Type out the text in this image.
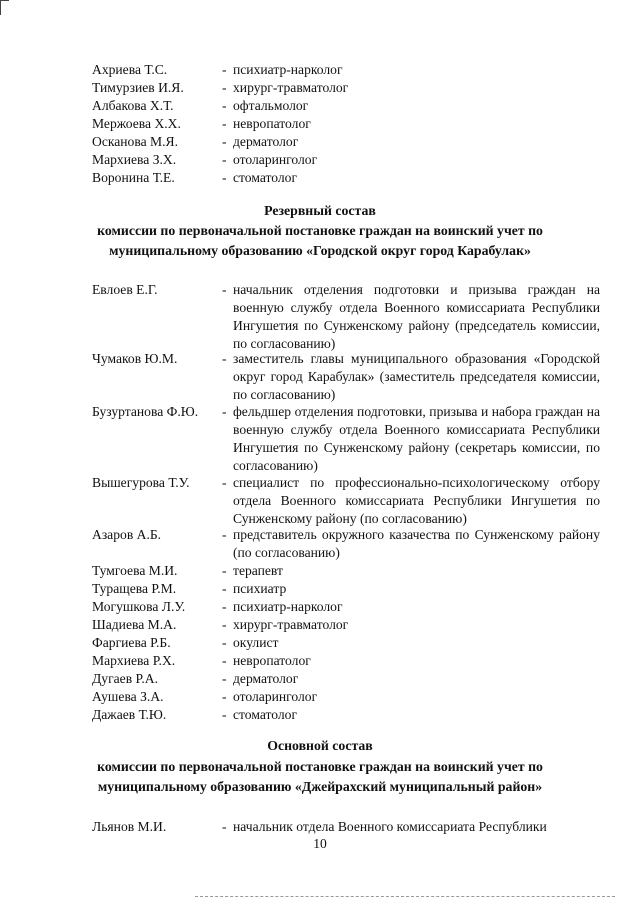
Ахриева Т.С.	- психиатр-нарколог
Тимурзиев И.Я.	- хирург-травматолог
Албакова Х.Т.	- офтальмолог
Мержоева Х.Х.	- невропатолог
Осканова М.Я.	- дерматолог
Мархиева З.Х.	- отоларинголог
Воронина Т.Е.	- стоматолог
Резервный состав
комиссии по первоначальной постановке граждан на воинский учет по
муниципальному образованию «Городской округ город Карабулак»
Евлоев Е.Г.	- начальник отделения подготовки и призыва граждан на военную службу отдела Военного комиссариата Республики Ингушетия по Сунженскому району (председатель комиссии, по согласованию)
Чумаков Ю.М.	- заместитель главы муниципального образования «Городской округ город Карабулак» (заместитель председателя комиссии, по согласованию)
Бузуртанова Ф.Ю. - фельдшер отделения подготовки, призыва и набора граждан на военную службу отдела Военного комиссариата Республики Ингушетия по Сунженскому району (секретарь комиссии, по согласованию)
Вышегурова Т.У. - специалист по профессионально-психологическому отбору отдела Военного комиссариата Республики Ингушетия по Сунженскому району (по согласованию)
Азаров А.Б.	- представитель окружного казачества по Сунженскому району (по согласованию)
Тумгоева М.И.	- терапевт
Туращева Р.М.	- психиатр
Могушкова Л.У.	- психиатр-нарколог
Шадиева М.А.	- хирург-травматолог
Фаргиева Р.Б.	- окулист
Мархиева Р.Х.	- невропатолог
Дугаев Р.А.	- дерматолог
Аушева З.А.	- отоларинголог
Дажаев Т.Ю.	- стоматолог
Основной состав
комиссии по первоначальной постановке граждан на воинский учет по
муниципальному образованию «Джейрахский муниципальный район»
Льянов М.И.	- начальник отдела Военного комиссариата Республики
10
